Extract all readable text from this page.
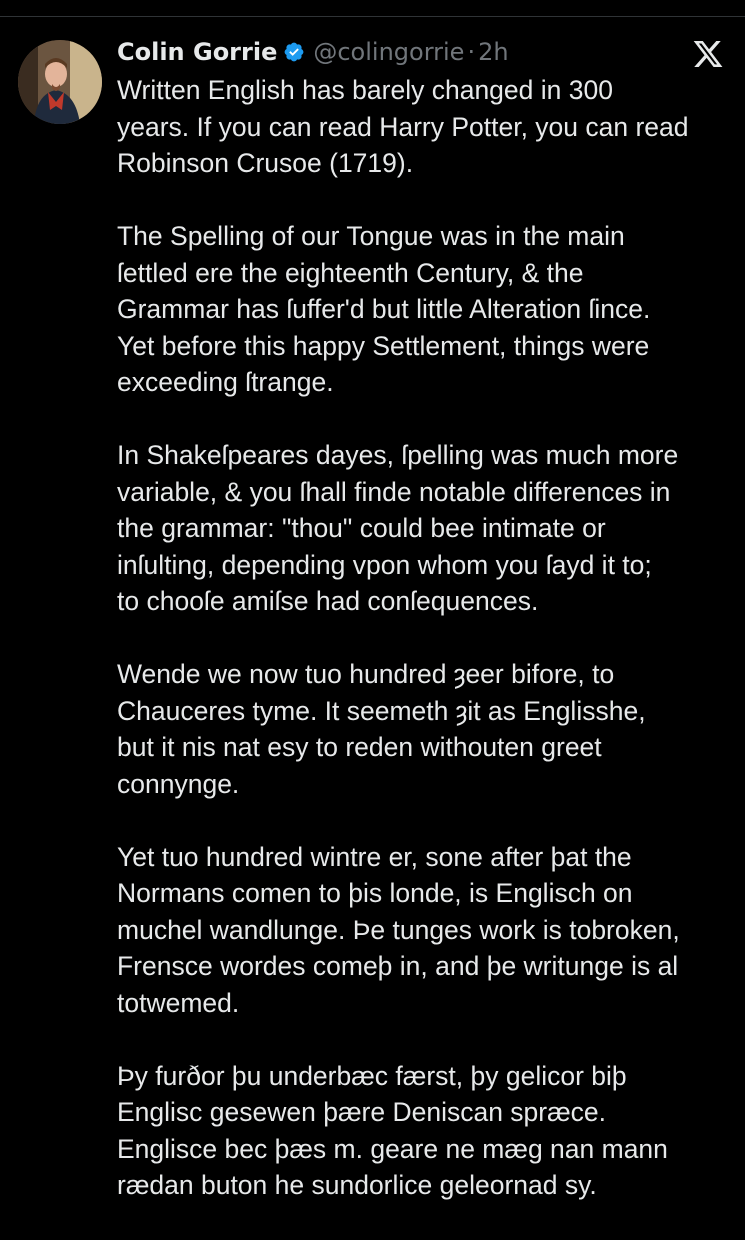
Colin Gorrie @colingorrie · 2h

Written English has barely changed in 300
years. If you can read Harry Potter, you can read
Robinson Crusoe (1719).

The Spelling of our Tongue was in the main
ſettled ere the eighteenth Century, & the
Grammar has ſuffer'd but little Alteration ſince.
Yet before this happy Settlement, things were
exceeding ſtrange.

In Shakeſpeares dayes, ſpelling was much more
variable, & you ſhall finde notable differences in
the grammar: "thou" could bee intimate or
inſulting, depending vpon whom you ſayd it to;
to chooſe amiſse had conſequences.

Wende we now tuo hundred ȝeer bifore, to
Chauceres tyme. It seemeth ȝit as Englisshe,
but it nis nat esy to reden withouten greet
connynge.

Yet tuo hundred wintre er, sone after þat the
Normans comen to þis londe, is Englisch on
muchel wandlunge. Þe tunges work is tobroken,
Frensce wordes comeþ in, and þe writunge is al
totwemed.

Þy furðor þu underbæc færst, þy gelicor biþ
Englisc gesewen þære Deniscan spræce.
Englisce bec þæs m. geare ne mæg nan mann
rædan buton he sundorlice geleornad sy.
